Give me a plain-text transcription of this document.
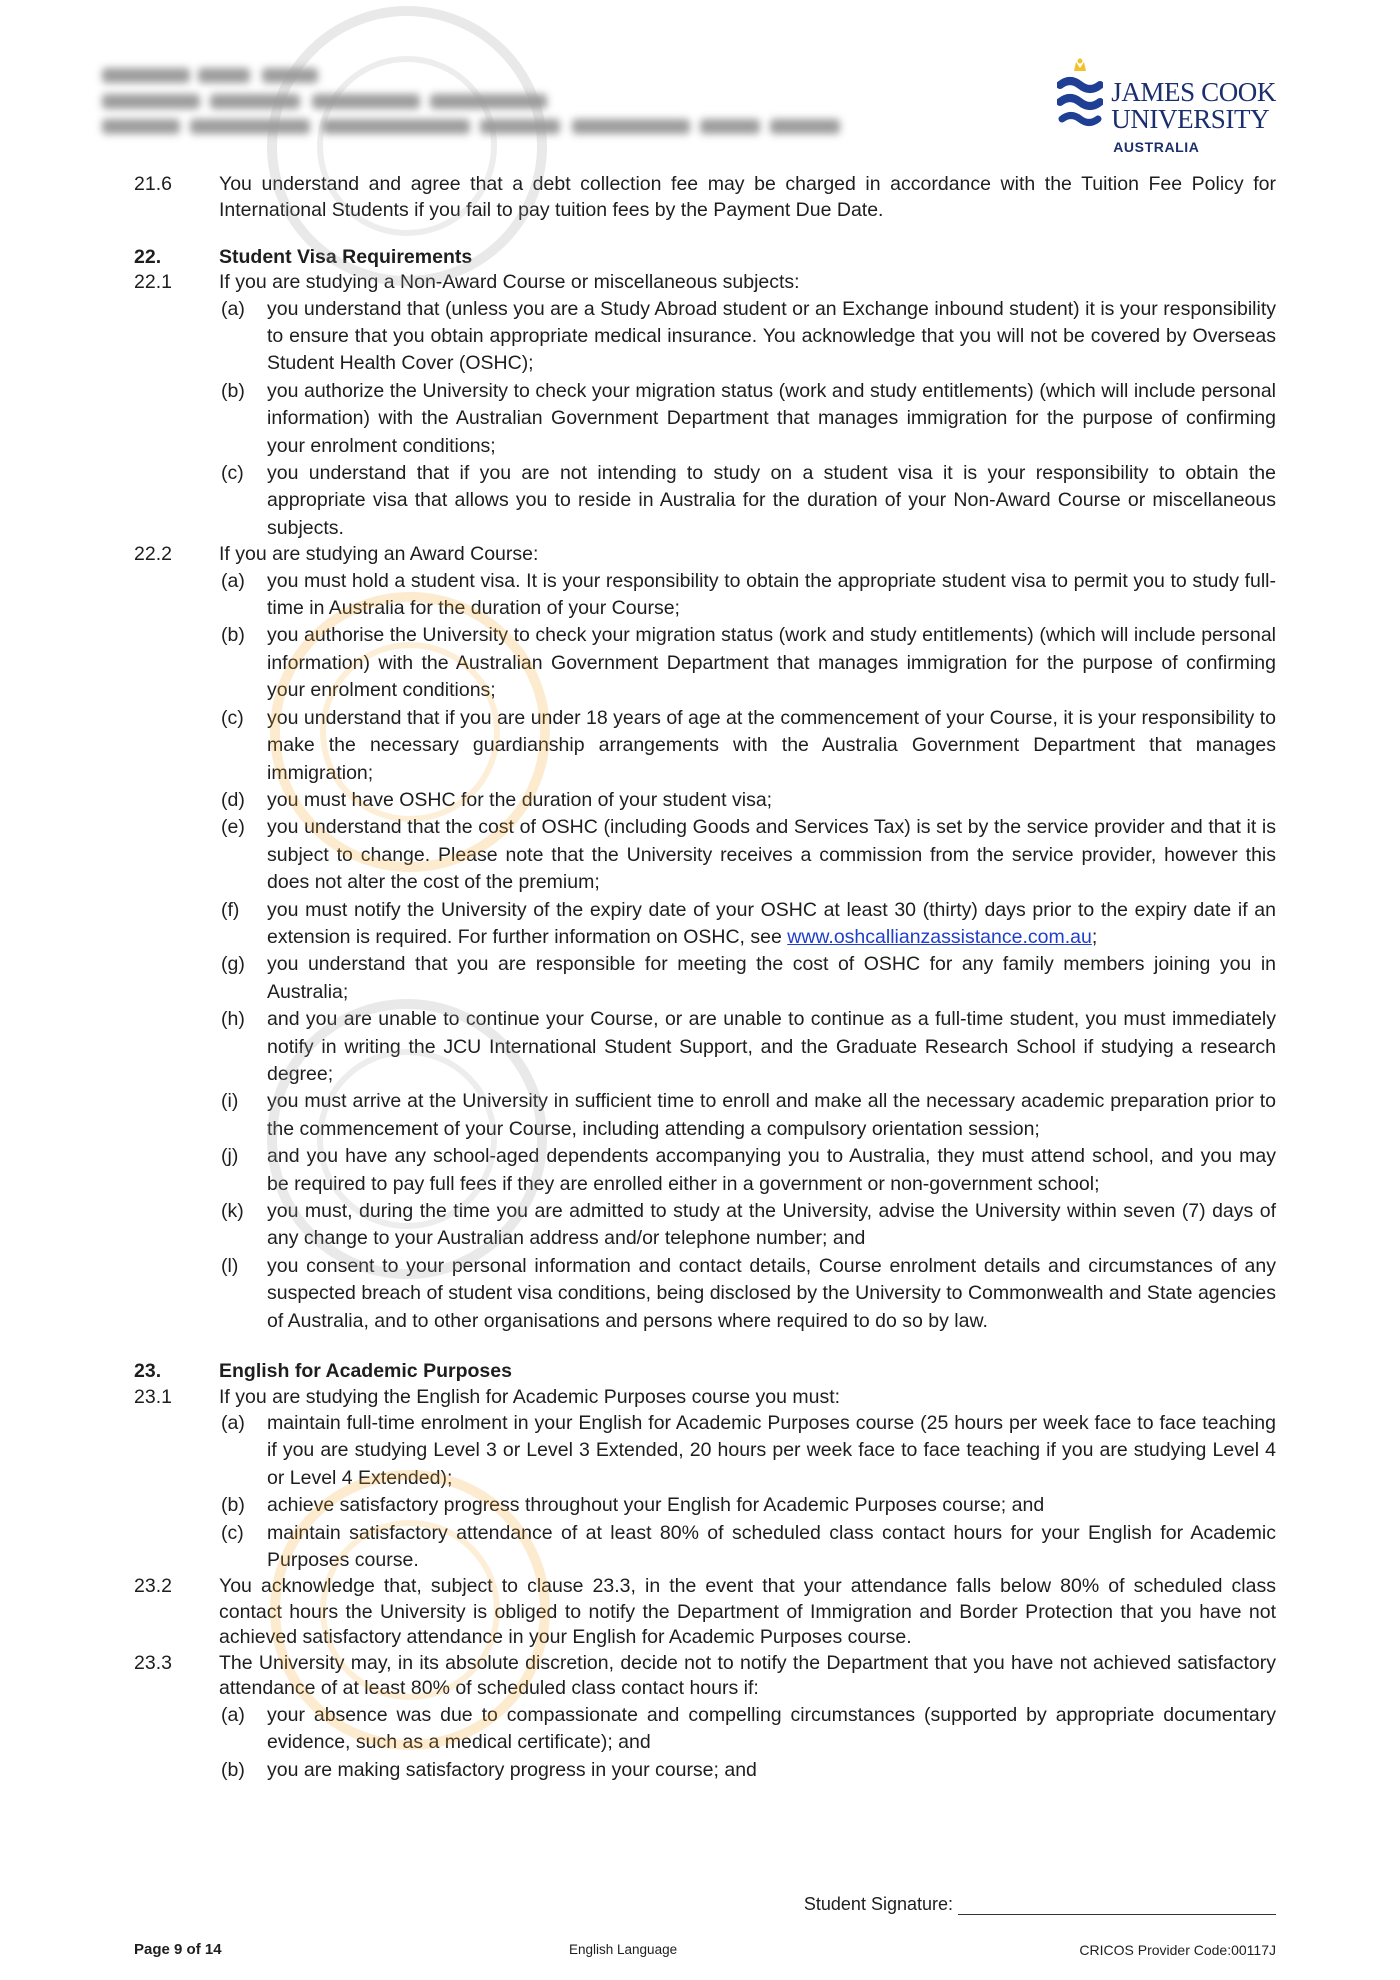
JAMES COOK
UNIVERSITY
AUSTRALIA
21.6	You understand and agree that a debt collection fee may be charged in accordance with the Tuition Fee Policy for International Students if you fail to pay tuition fees by the Payment Due Date.
22.	Student Visa Requirements
22.1	If you are studying a Non-Award Course or miscellaneous subjects:
(a)	you understand that (unless you are a Study Abroad student or an Exchange inbound student) it is your responsibility to ensure that you obtain appropriate medical insurance. You acknowledge that you will not be covered by Overseas Student Health Cover (OSHC);
(b)	you authorize the University to check your migration status (work and study entitlements) (which will include personal information) with the Australian Government Department that manages immigration for the purpose of confirming your enrolment conditions;
(c)	you understand that if you are not intending to study on a student visa it is your responsibility to obtain the appropriate visa that allows you to reside in Australia for the duration of your Non-Award Course or miscellaneous subjects.
22.2	If you are studying an Award Course:
(a)	you must hold a student visa. It is your responsibility to obtain the appropriate student visa to permit you to study full-time in Australia for the duration of your Course;
(b)	you authorise the University to check your migration status (work and study entitlements) (which will include personal information) with the Australian Government Department that manages immigration for the purpose of confirming your enrolment conditions;
(c)	you understand that if you are under 18 years of age at the commencement of your Course, it is your responsibility to make the necessary guardianship arrangements with the Australia Government Department that manages immigration;
(d)	you must have OSHC for the duration of your student visa;
(e)	you understand that the cost of OSHC (including Goods and Services Tax) is set by the service provider and that it is subject to change. Please note that the University receives a commission from the service provider, however this does not alter the cost of the premium;
(f)	you must notify the University of the expiry date of your OSHC at least 30 (thirty) days prior to the expiry date if an extension is required. For further information on OSHC, see www.oshcallianzassistance.com.au;
(g)	you understand that you are responsible for meeting the cost of OSHC for any family members joining you in Australia;
(h)	and you are unable to continue your Course, or are unable to continue as a full-time student, you must immediately notify in writing the JCU International Student Support, and the Graduate Research School if studying a research degree;
(i)	you must arrive at the University in sufficient time to enroll and make all the necessary academic preparation prior to the commencement of your Course, including attending a compulsory orientation session;
(j)	and you have any school-aged dependents accompanying you to Australia, they must attend school, and you may be required to pay full fees if they are enrolled either in a government or non-government school;
(k)	you must, during the time you are admitted to study at the University, advise the University within seven (7) days of any change to your Australian address and/or telephone number; and
(l)	you consent to your personal information and contact details, Course enrolment details and circumstances of any suspected breach of student visa conditions, being disclosed by the University to Commonwealth and State agencies of Australia, and to other organisations and persons where required to do so by law.
23.	English for Academic Purposes
23.1	If you are studying the English for Academic Purposes course you must:
(a)	maintain full-time enrolment in your English for Academic Purposes course (25 hours per week face to face teaching if you are studying Level 3 or Level 3 Extended, 20 hours per week face to face teaching if you are studying Level 4 or Level 4 Extended);
(b)	achieve satisfactory progress throughout your English for Academic Purposes course; and
(c)	maintain satisfactory attendance of at least 80% of scheduled class contact hours for your English for Academic Purposes course.
23.2	You acknowledge that, subject to clause 23.3, in the event that your attendance falls below 80% of scheduled class contact hours the University is obliged to notify the Department of Immigration and Border Protection that you have not achieved satisfactory attendance in your English for Academic Purposes course.
23.3	The University may, in its absolute discretion, decide not to notify the Department that you have not achieved satisfactory attendance of at least 80% of scheduled class contact hours if:
(a)	your absence was due to compassionate and compelling circumstances (supported by appropriate documentary evidence, such as a medical certificate); and
(b)	you are making satisfactory progress in your course; and
Student Signature:
Page 9 of 14	English Language	CRICOS Provider Code:00117J
